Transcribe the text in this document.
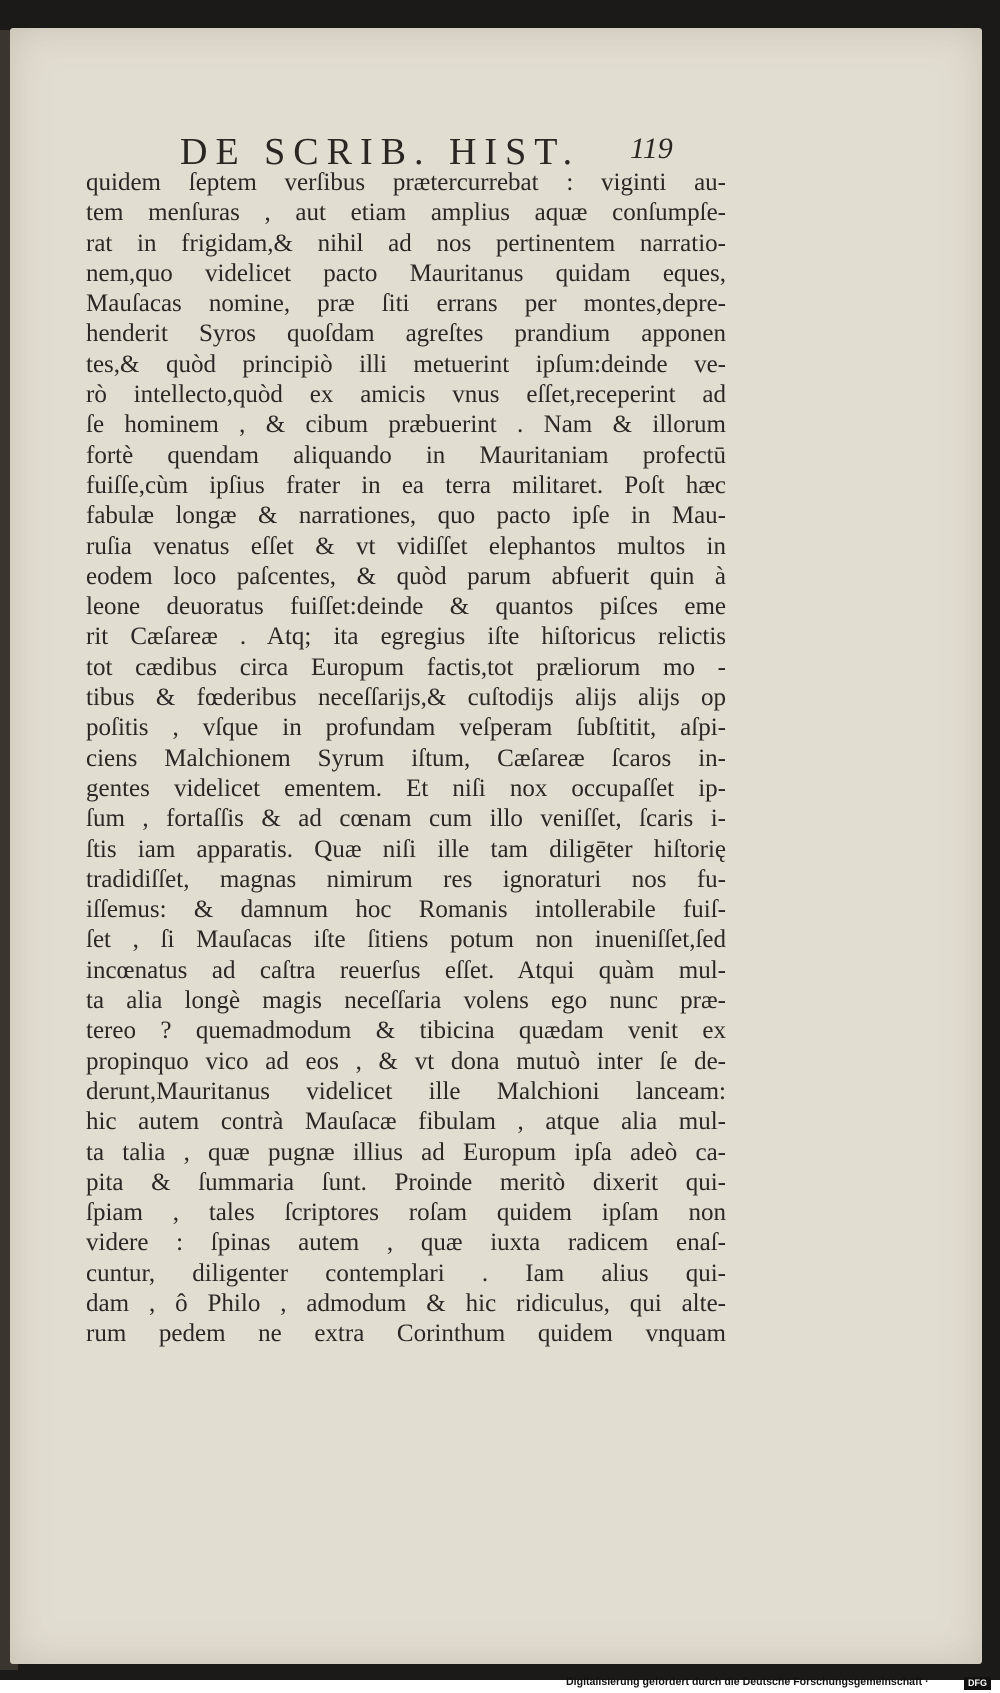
DE SCRIB. HIST.	119
quidem ſeptem verſibus prætercurrebat : viginti au-
tem menſuras , aut etiam amplius aquæ conſumpſe-
rat in frigidam,& nihil ad nos pertinentem narratio-
nem,quo videlicet pacto Mauritanus quidam eques,
Mauſacas nomine, præ ſiti errans per montes,depre-
henderit Syros quoſdam agreſtes prandium apponen
tes,& quòd principiò illi metuerint ipſum:deinde ve-
rò intellecto,quòd ex amicis vnus eſſet,receperint ad
ſe hominem , & cibum præbuerint . Nam & illorum
fortè quendam aliquando in Mauritaniam profectū
fuiſſe,cùm ipſius frater in ea terra militaret. Poſt hæc
fabulæ longæ & narrationes, quo pacto ipſe in Mau-
ruſia venatus eſſet & vt vidiſſet elephantos multos in
eodem loco paſcentes, & quòd parum abfuerit quin à
leone deuoratus fuiſſet:deinde & quantos piſces eme
rit Cæſareæ . Atq; ita egregius iſte hiſtoricus relictis
tot cædibus circa Europum factis,tot præliorum mo -
tibus & fœderibus neceſſarijs,& cuſtodijs alijs alijs op
poſitis , vſque in profundam veſperam ſubſtitit, aſpi-
ciens Malchionem Syrum iſtum, Cæſareæ ſcaros in-
gentes videlicet ementem. Et niſi nox occupaſſet ip-
ſum , fortaſſis & ad cœnam cum illo veniſſet, ſcaris i-
ſtis iam apparatis. Quæ niſi ille tam diligēter hiſtorię
tradidiſſet, magnas nimirum res ignoraturi nos fu-
iſſemus: & damnum hoc Romanis intollerabile fuiſ-
ſet , ſi Mauſacas iſte ſitiens potum non inueniſſet,ſed
incœnatus ad caſtra reuerſus eſſet. Atqui quàm mul-
ta alia longè magis neceſſaria volens ego nunc præ-
tereo ? quemadmodum & tibicina quædam venit ex
propinquo vico ad eos , & vt dona mutuò inter ſe de-
derunt,Mauritanus videlicet ille Malchioni lanceam:
hic autem contrà Mauſacæ fibulam , atque alia mul-
ta talia , quæ pugnæ illius ad Europum ipſa adeò ca-
pita & ſummaria ſunt. Proinde meritò dixerit qui-
ſpiam , tales ſcriptores roſam quidem ipſam non
videre : ſpinas autem , quæ iuxta radicem enaſ-
cuntur, diligenter contemplari . Iam alius qui-
dam , ô Philo , admodum & hic ridiculus, qui alte-
rum pedem ne extra Corinthum quidem vnquam
Digitalisierung gefördert durch die Deutsche Forschungsgemeinschaft ·	DFG
